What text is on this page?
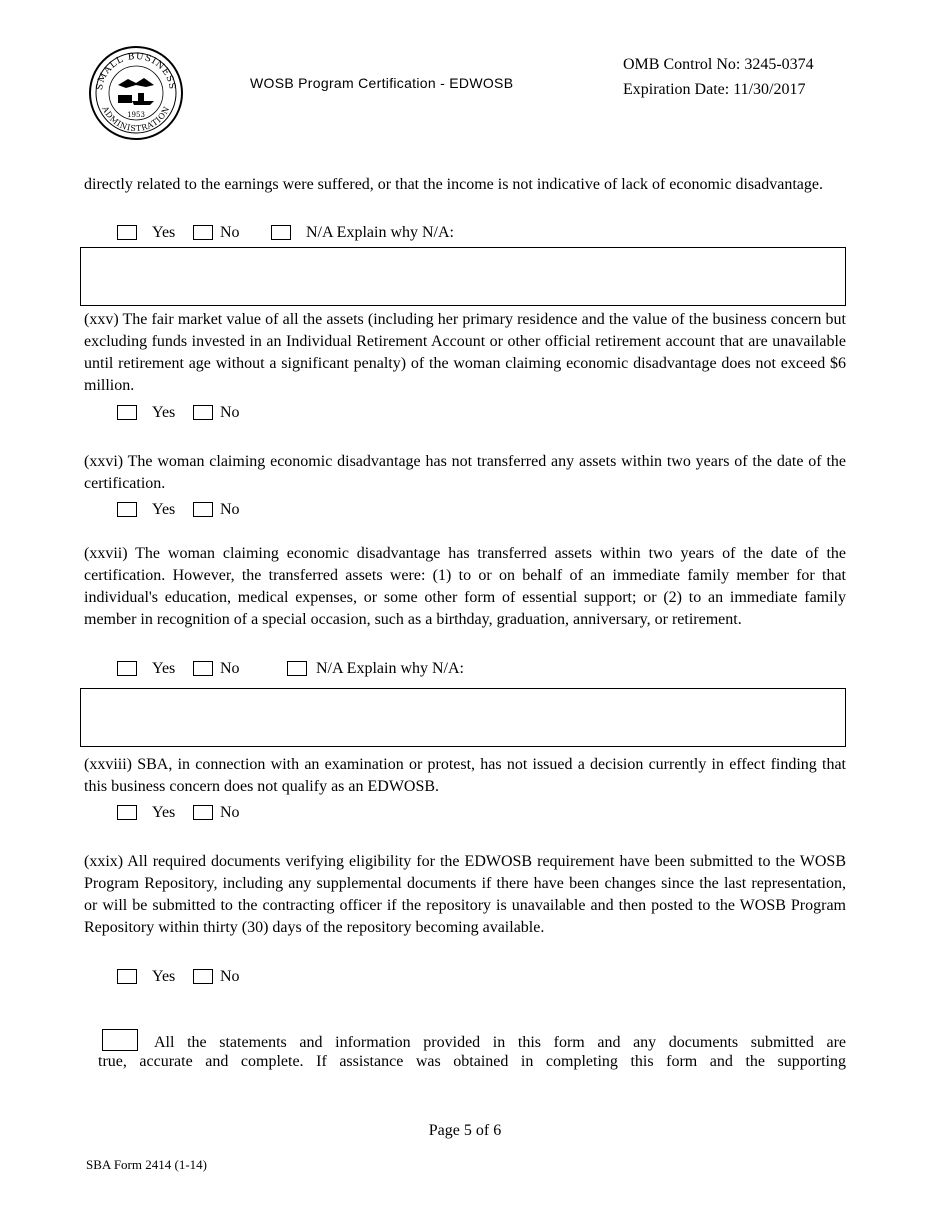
SMALL BUSINESS
ADMINISTRATION
1953
WOSB Program Certification - EDWOSB
OMB Control No: 3245-0374
Expiration Date: 11/30/2017
directly related to the earnings were suffered, or that the income is not indicative of lack of economic disadvantage.
Yes	No	N/A Explain why N/A:
(xxv) The fair market value of all the assets (including her primary residence and the value of the business concern but excluding funds invested in an Individual Retirement Account or other official retirement account that are unavailable until retirement age without a significant penalty) of the woman claiming economic disadvantage does not exceed $6 million.
Yes	No
(xxvi) The woman claiming economic disadvantage has not transferred any assets within two years of the date of the certification.
Yes	No
(xxvii) The woman claiming economic disadvantage has transferred assets within two years of the date of the certification. However, the transferred assets were: (1) to or on behalf of an immediate family member for that individual's education, medical expenses, or some other form of essential support; or (2) to an immediate family member in recognition of a special occasion, such as a birthday, graduation, anniversary, or retirement.
Yes	No	N/A Explain why N/A:
(xxviii) SBA, in connection with an examination or protest, has not issued a decision currently in effect finding that this business concern does not qualify as an EDWOSB.
Yes	No
(xxix) All required documents verifying eligibility for the EDWOSB requirement have been submitted to the WOSB Program Repository, including any supplemental documents if there have been changes since the last representation, or will be submitted to the contracting officer if the repository is unavailable and then posted to the WOSB Program Repository within thirty (30) days of the repository becoming available.
Yes	No
All the statements and information provided in this form and any documents submitted are
true, accurate and complete. If assistance was obtained in completing this form and the supporting
Page 5 of 6
SBA Form 2414 (1-14)
